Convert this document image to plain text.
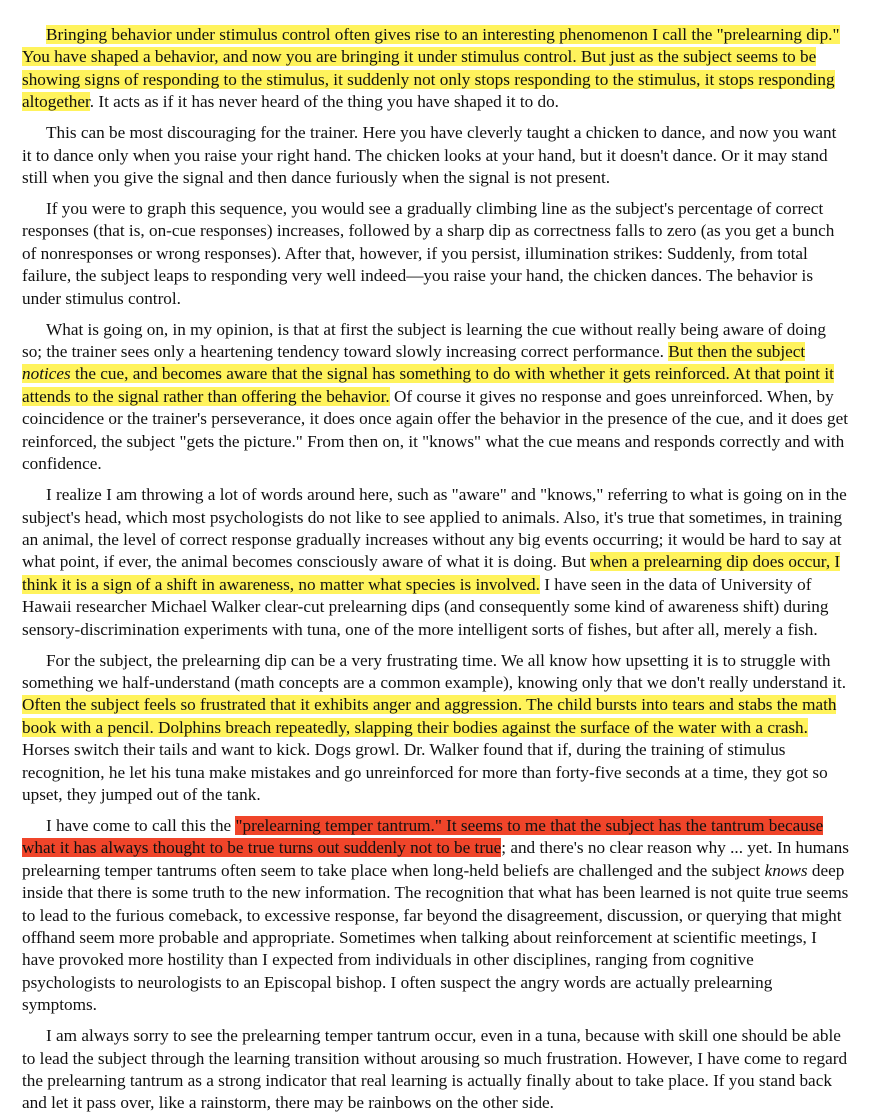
Bringing behavior under stimulus control often gives rise to an interesting phenomenon I call the "prelearning dip." You have shaped a behavior, and now you are bringing it under stimulus control. But just as the subject seems to be showing signs of responding to the stimulus, it suddenly not only stops responding to the stimulus, it stops responding altogether. It acts as if it has never heard of the thing you have shaped it to do.

This can be most discouraging for the trainer. Here you have cleverly taught a chicken to dance, and now you want it to dance only when you raise your right hand. The chicken looks at your hand, but it doesn't dance. Or it may stand still when you give the signal and then dance furiously when the signal is not present.

If you were to graph this sequence, you would see a gradually climbing line as the subject's percentage of correct responses (that is, on-cue responses) increases, followed by a sharp dip as correctness falls to zero (as you get a bunch of nonresponses or wrong responses). After that, however, if you persist, illumination strikes: Suddenly, from total failure, the subject leaps to responding very well indeed—you raise your hand, the chicken dances. The behavior is under stimulus control.

What is going on, in my opinion, is that at first the subject is learning the cue without really being aware of doing so; the trainer sees only a heartening tendency toward slowly increasing correct performance. But then the subject notices the cue, and becomes aware that the signal has something to do with whether it gets reinforced. At that point it attends to the signal rather than offering the behavior. Of course it gives no response and goes unreinforced. When, by coincidence or the trainer's perseverance, it does once again offer the behavior in the presence of the cue, and it does get reinforced, the subject "gets the picture." From then on, it "knows" what the cue means and responds correctly and with confidence.

I realize I am throwing a lot of words around here, such as "aware" and "knows," referring to what is going on in the subject's head, which most psychologists do not like to see applied to animals. Also, it's true that sometimes, in training an animal, the level of correct response gradually increases without any big events occurring; it would be hard to say at what point, if ever, the animal becomes consciously aware of what it is doing. But when a prelearning dip does occur, I think it is a sign of a shift in awareness, no matter what species is involved. I have seen in the data of University of Hawaii researcher Michael Walker clear-cut prelearning dips (and consequently some kind of awareness shift) during sensory-discrimination experiments with tuna, one of the more intelligent sorts of fishes, but after all, merely a fish.

For the subject, the prelearning dip can be a very frustrating time. We all know how upsetting it is to struggle with something we half-understand (math concepts are a common example), knowing only that we don't really understand it. Often the subject feels so frustrated that it exhibits anger and aggression. The child bursts into tears and stabs the math book with a pencil. Dolphins breach repeatedly, slapping their bodies against the surface of the water with a crash. Horses switch their tails and want to kick. Dogs growl. Dr. Walker found that if, during the training of stimulus recognition, he let his tuna make mistakes and go unreinforced for more than forty-five seconds at a time, they got so upset, they jumped out of the tank.

I have come to call this the "prelearning temper tantrum." It seems to me that the subject has the tantrum because what it has always thought to be true turns out suddenly not to be true; and there's no clear reason why ... yet. In humans prelearning temper tantrums often seem to take place when long-held beliefs are challenged and the subject knows deep inside that there is some truth to the new information. The recognition that what has been learned is not quite true seems to lead to the furious comeback, to excessive response, far beyond the disagreement, discussion, or querying that might offhand seem more probable and appropriate. Sometimes when talking about reinforcement at scientific meetings, I have provoked more hostility than I expected from individuals in other disciplines, ranging from cognitive psychologists to neurologists to an Episcopal bishop. I often suspect the angry words are actually prelearning symptoms.

I am always sorry to see the prelearning temper tantrum occur, even in a tuna, because with skill one should be able to lead the subject through the learning transition without arousing so much frustration. However, I have come to regard the prelearning tantrum as a strong indicator that real learning is actually finally about to take place. If you stand back and let it pass over, like a rainstorm, there may be rainbows on the other side.
